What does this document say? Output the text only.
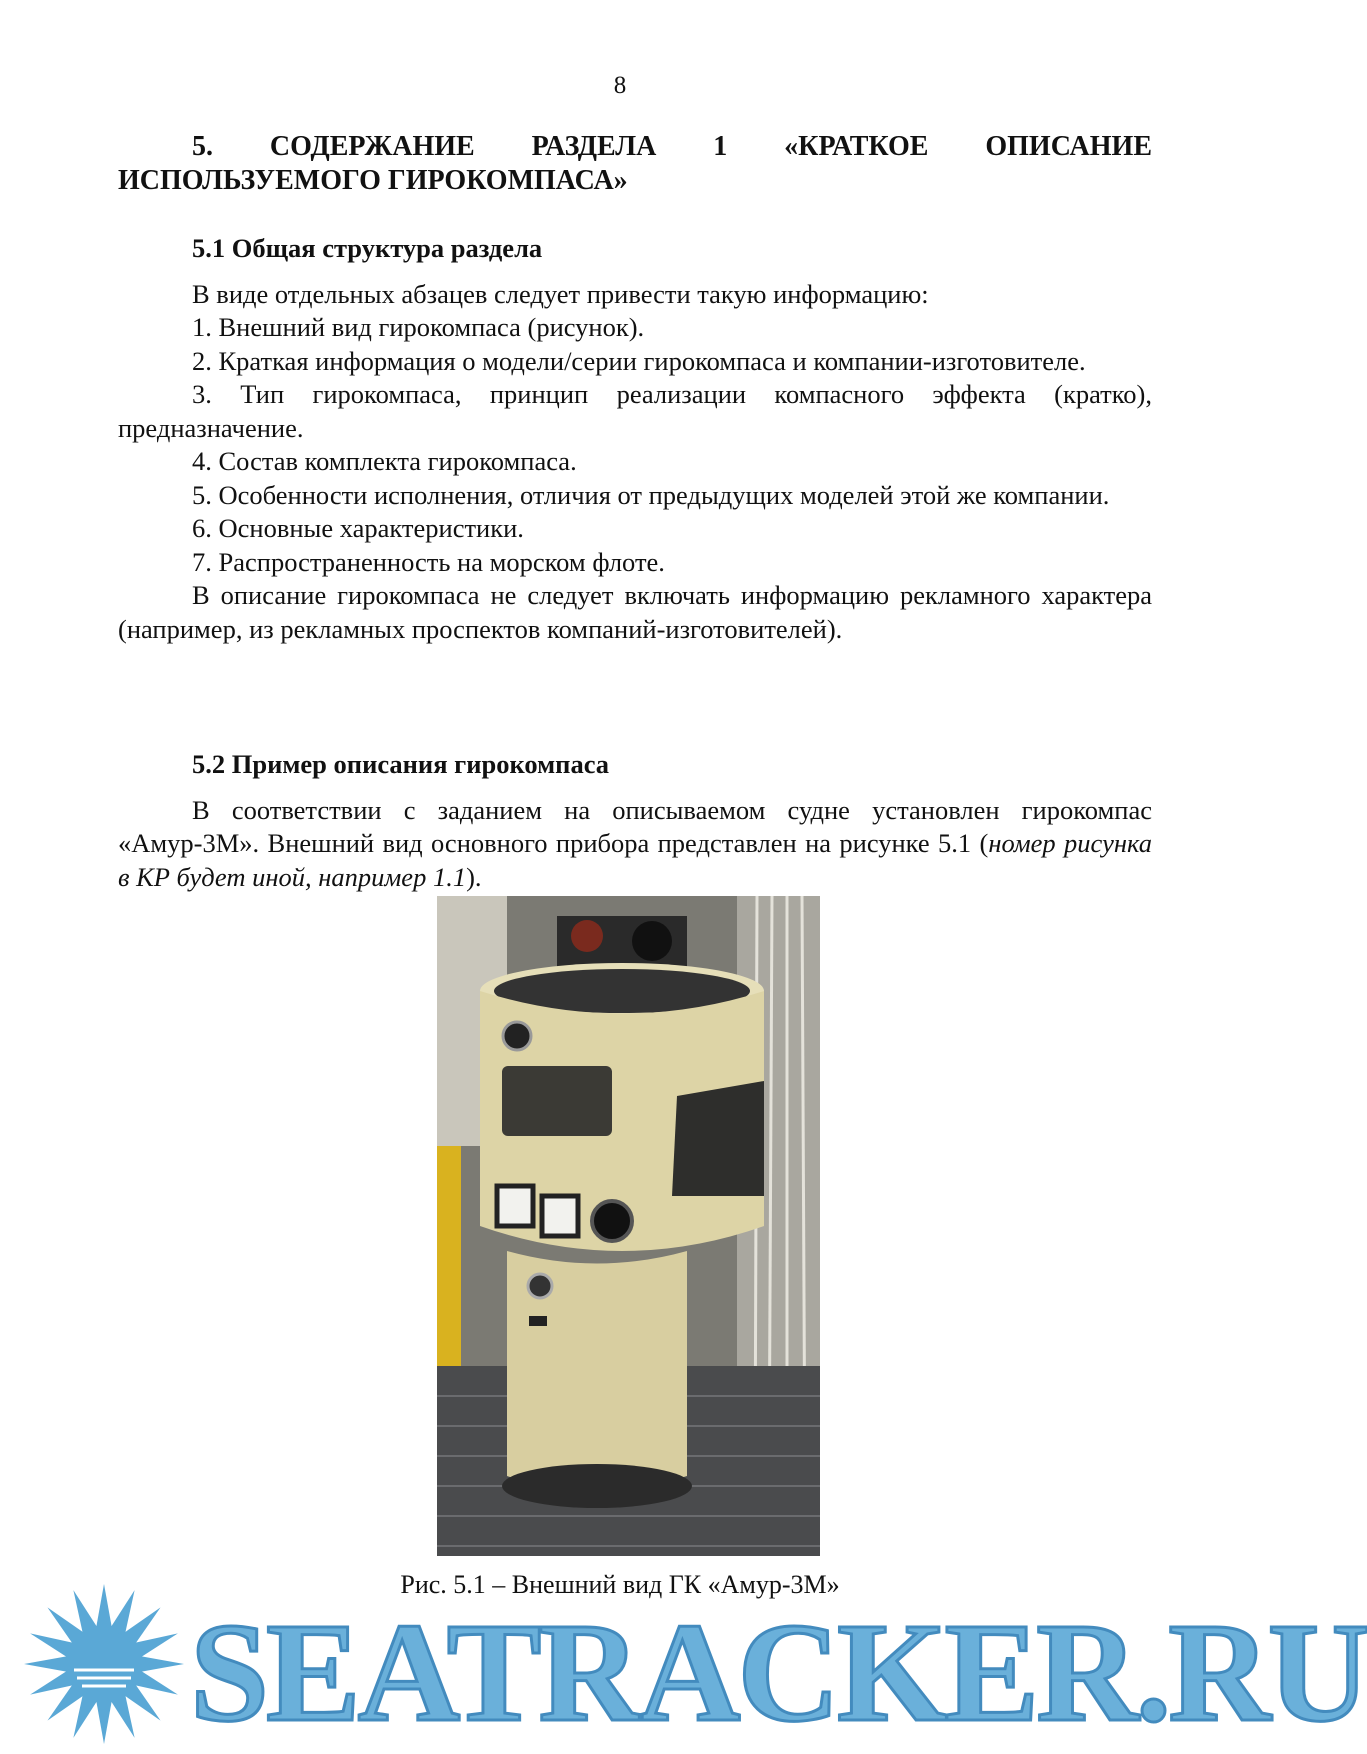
8
5. СОДЕРЖАНИЕ РАЗДЕЛА 1 «КРАТКОЕ ОПИСАНИЕ
ИСПОЛЬЗУЕМОГО ГИРОКОМПАСА»
5.1 Общая структура раздела

В виде отдельных абзацев следует привести такую информацию:

1. Внешний вид гирокомпаса (рисунок).

2. Краткая информация о модели/серии гирокомпаса и компании-изготовителе.

3. Тип гирокомпаса, принцип реализации компасного эффекта (кратко), предназначение.

4. Состав комплекта гирокомпаса.

5. Особенности исполнения, отличия от предыдущих моделей этой же компании.

6. Основные характеристики.

7. Распространенность на морском флоте.

В описание гирокомпаса не следует включать информацию рекламного характера (например, из рекламных проспектов компаний-изготовителей).

5.2 Пример описания гирокомпаса

В соответствии с заданием на описываемом судне установлен гирокомпас «Амур-3М». Внешний вид основного прибора представлен на рисунке 5.1 (номер рисунка в КР будет иной, например 1.1).

Рис. 5.1 – Внешний вид ГК «Амур-3М»
SEATRACKER.RU
